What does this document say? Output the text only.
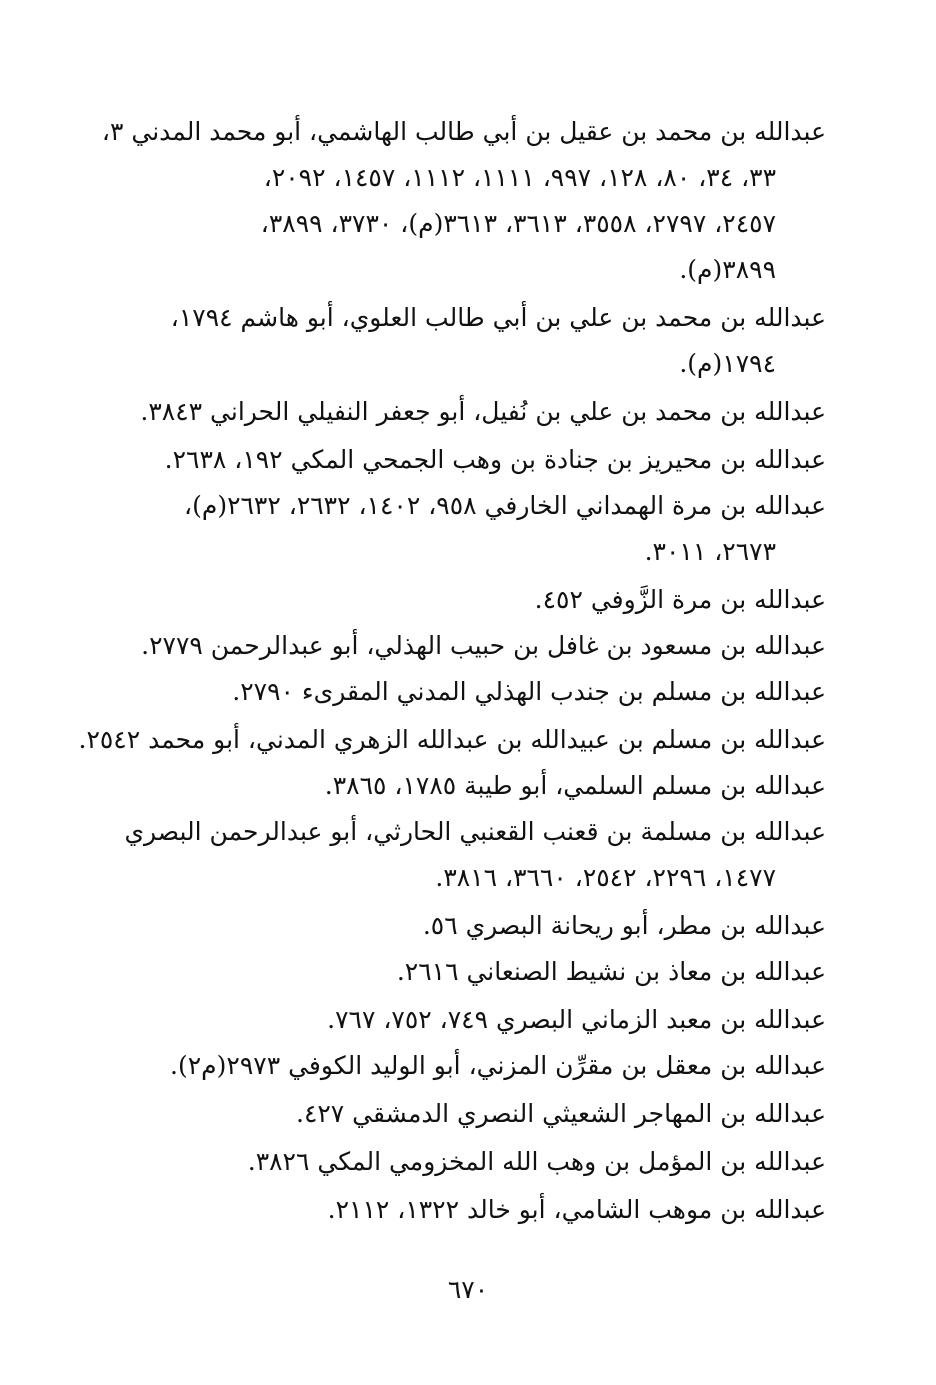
عبدالله بن محمد بن عقيل بن أبي طالب الهاشمي، أبو محمد المدني ٣،
٣٣، ٣٤، ٨٠، ١٢٨، ٩٩٧، ١١١١، ١١١٢، ١٤٥٧، ٢٠٩٢،
٢٤٥٧، ٢٧٩٧، ٣٥٥٨، ٣٦١٣، ٣٦١٣(م)، ٣٧٣٠، ٣٨٩٩،
٣٨٩٩(م).
عبدالله بن محمد بن علي بن أبي طالب العلوي، أبو هاشم ١٧٩٤،
١٧٩٤(م).
عبدالله بن محمد بن علي بن نُفيل، أبو جعفر النفيلي الحراني ٣٨٤٣.
عبدالله بن محيريز بن جنادة بن وهب الجمحي المكي ١٩٢، ٢٦٣٨.
عبدالله بن مرة الهمداني الخارفي ٩٥٨، ١٤٠٢، ٢٦٣٢، ٢٦٣٢(م)،
٢٦٧٣، ٣٠١١.
عبدالله بن مرة الزَّوفي ٤٥٢.
عبدالله بن مسعود بن غافل بن حبيب الهذلي، أبو عبدالرحمن ٢٧٧٩.
عبدالله بن مسلم بن جندب الهذلي المدني المقرىء ٢٧٩٠.
عبدالله بن مسلم بن عبيدالله بن عبدالله الزهري المدني، أبو محمد ٢٥٤٢.
عبدالله بن مسلم السلمي، أبو طيبة ١٧٨٥، ٣٨٦٥.
عبدالله بن مسلمة بن قعنب القعنبي الحارثي، أبو عبدالرحمن البصري
١٤٧٧، ٢٢٩٦، ٢٥٤٢، ٣٦٦٠، ٣٨١٦.
عبدالله بن مطر، أبو ريحانة البصري ٥٦.
عبدالله بن معاذ بن نشيط الصنعاني ٢٦١٦.
عبدالله بن معبد الزماني البصري ٧٤٩، ٧٥٢، ٧٦٧.
عبدالله بن معقل بن مقرِّن المزني، أبو الوليد الكوفي ٢٩٧٣(م٢).
عبدالله بن المهاجر الشعيثي النصري الدمشقي ٤٢٧.
عبدالله بن المؤمل بن وهب الله المخزومي المكي ٣٨٢٦.
عبدالله بن موهب الشامي، أبو خالد ١٣٢٢، ٢١١٢.
٦٧٠
